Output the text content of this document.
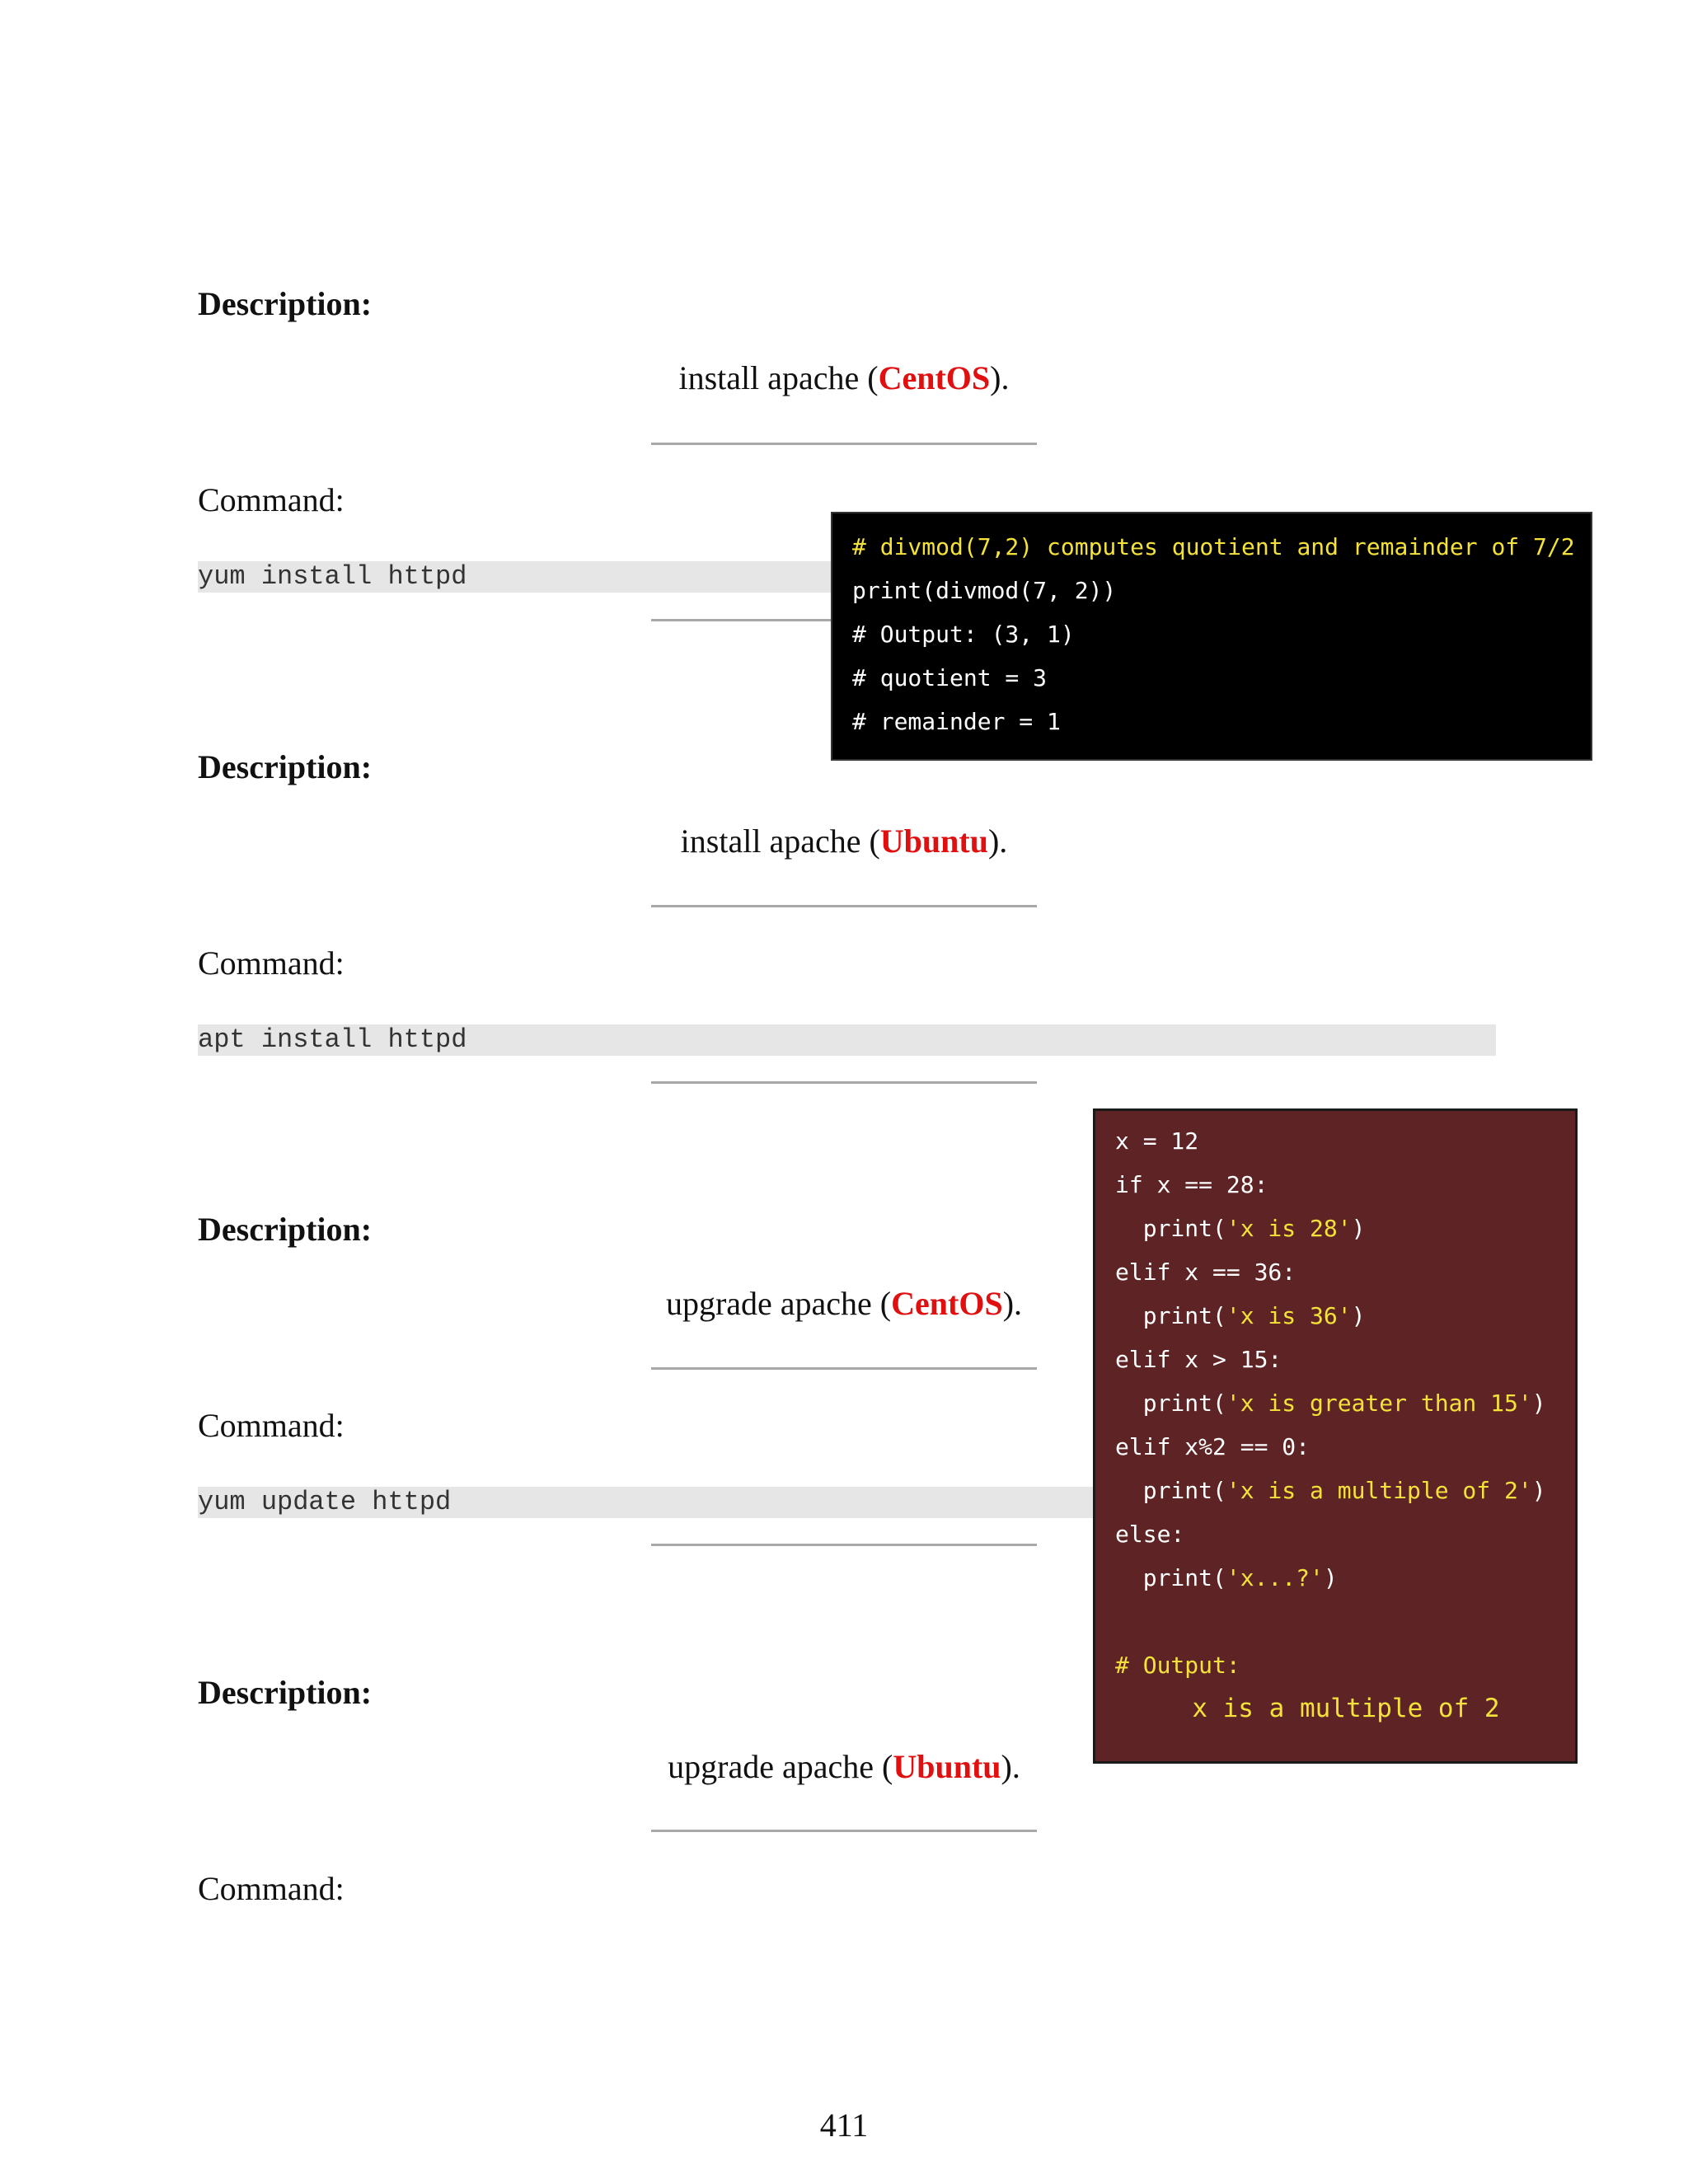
Description:
install apache (CentOS).
Command:
yum install httpd
Description:
install apache (Ubuntu).
Command:
apt install httpd
Description:
upgrade apache (CentOS).
Command:
yum update httpd
Description:
upgrade apache (Ubuntu).
Command:
# divmod(7,2) computes quotient and remainder of 7/2
print(divmod(7, 2))
# Output: (3, 1)
# quotient = 3
# remainder = 1
x = 12
if x == 28:
print('x is 28')
elif x == 36:
print('x is 36')
elif x > 15:
print('x is greater than 15')
elif x%2 == 0:
print('x is a multiple of 2')
else:
print('x...?')
# Output:
x is a multiple of 2
411
